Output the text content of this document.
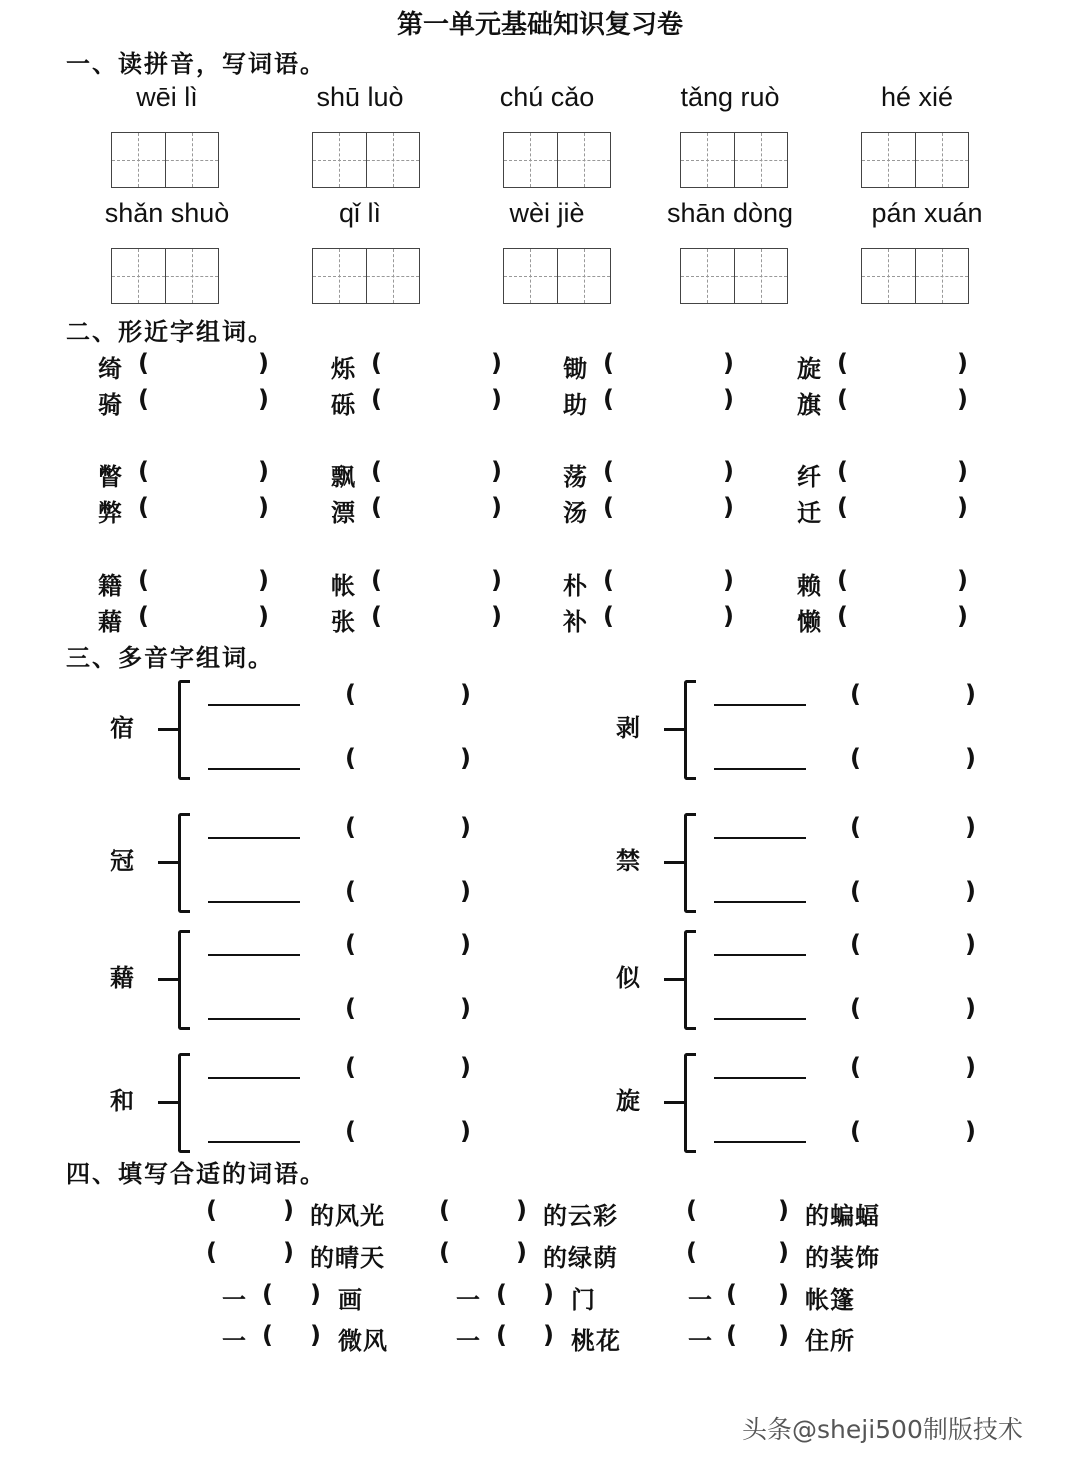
第一单元基础知识复习卷
一、读拼音，写词语。
wēi lì	shū luò	chú cǎo	tǎng ruò	hé xié
shǎn shuò	qǐ lì	wèi jiè	shān dòng	pán xuán
二、形近字组词。
绮 (	)	烁 (	)	锄 (	)	旋 (	)
骑 (	)	砾 (	)	助 (	)	旗 (	)
瞥 (	)	飘 (	)	荡 (	)	纤 (	)
弊 (	)	漂 (	)	汤 (	)	迁 (	)
籍 (	)	帐 (	)	朴 (	)	赖 (	)
藉 (	)	张 (	)	补 (	)	懒 (	)
三、多音字组词。
宿
(	)
(	)
冠
(	)
(	)
藉
(	)
(	)
和
(	)
(	)
剥
(	)
(	)
禁
(	)
(	)
似
(	)
(	)
旋
(	)
(	)
四、填写合适的词语。
(	) 的风光 (	) 的云彩	(	) 的蝙蝠
(	) 的晴天 (	) 的绿荫	(	) 的装饰
一 ( ) 画	一 ( ) 门	一 ( ) 帐篷
一 ( ) 微风	一 ( ) 桃花	一 ( ) 住所
头条@sheji500制版技术
